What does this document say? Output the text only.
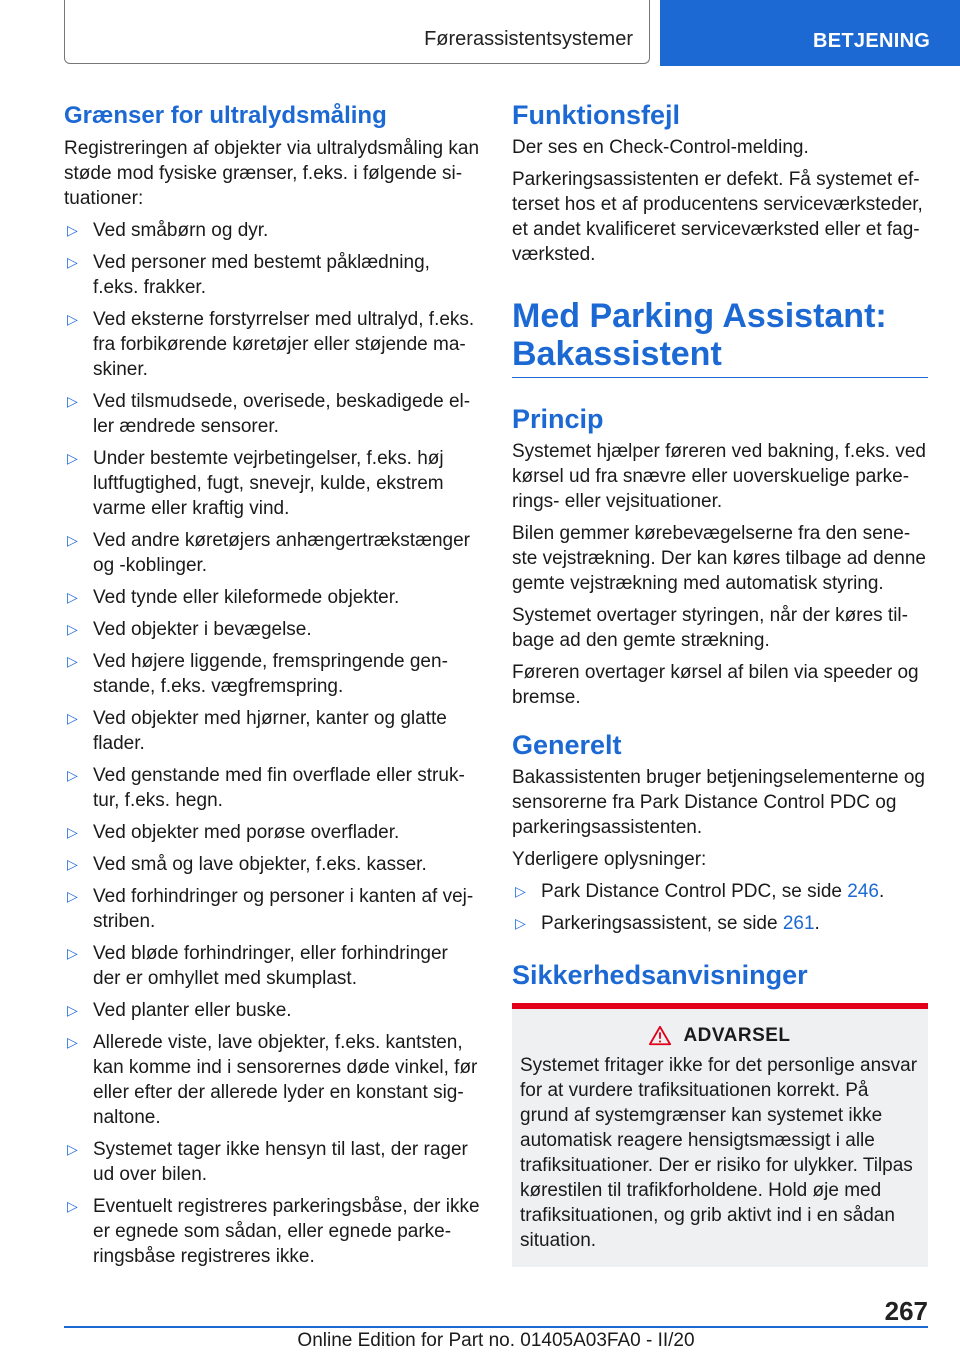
Førerassistentsystemer	BETJENING
Grænser for ultralydsmåling

Registreringen af objekter via ultralydsmåling kan støde mod fysiske grænser, f.eks. i følgende situationer:

▷ Ved småbørn og dyr.
▷ Ved personer med bestemt påklædning, f.eks. frakker.
▷ Ved eksterne forstyrrelser med ultralyd, f.eks. fra forbikørende køretøjer eller støjende maskiner.
▷ Ved tilsmudsede, overisede, beskadigede eller ændrede sensorer.
▷ Under bestemte vejrbetingelser, f.eks. høj luftfugtighed, fugt, snevejr, kulde, ekstrem varme eller kraftig vind.
▷ Ved andre køretøjers anhængertrækstænger og -koblinger.
▷ Ved tynde eller kileformede objekter.
▷ Ved objekter i bevægelse.
▷ Ved højere liggende, fremspringende genstande, f.eks. vægfremspring.
▷ Ved objekter med hjørner, kanter og glatte flader.
▷ Ved genstande med fin overflade eller struktur, f.eks. hegn.
▷ Ved objekter med porøse overflader.
▷ Ved små og lave objekter, f.eks. kasser.
▷ Ved forhindringer og personer i kanten af vejstriben.
▷ Ved bløde forhindringer, eller forhindringer der er omhyllet med skumplast.
▷ Ved planter eller buske.
▷ Allerede viste, lave objekter, f.eks. kantsten, kan komme ind i sensorernes døde vinkel, før eller efter der allerede lyder en konstant signaltone.
▷ Systemet tager ikke hensyn til last, der rager ud over bilen.
▷ Eventuelt registreres parkeringsbåse, der ikke er egnede som sådan, eller egnede parkeringsbåse registreres ikke.
Funktionsfejl

Der ses en Check-Control-melding.

Parkeringsassistenten er defekt. Få systemet efterset hos et af producentens serviceværksteder, et andet kvalificeret serviceværksted eller et fagværksted.

Med Parking Assistant: Bakassistent
Princip

Systemet hjælper føreren ved bakning, f.eks. ved kørsel ud fra snævre eller uoverskuelige parkerings- eller vejsituationer.

Bilen gemmer kørebevægelserne fra den seneste vejstrækning. Der kan køres tilbage ad denne gemte vejstrækning med automatisk styring.

Systemet overtager styringen, når der køres tilbage ad den gemte strækning.

Føreren overtager kørsel af bilen via speeder og bremse.

Generelt

Bakassistenten bruger betjeningselementerne og sensorerne fra Park Distance Control PDC og parkeringsassistenten.

Yderligere oplysninger:

▷ Park Distance Control PDC, se side 246.
▷ Parkeringsassistent, se side 261.
Sikkerhedsanvisninger
ADVARSEL

Systemet fritager ikke for det personlige ansvar for at vurdere trafiksituationen korrekt. På grund af systemgrænser kan systemet ikke automatisk reagere hensigtsmæssigt i alle trafiksituationer. Der er risiko for ulykker. Tilpas kørestilen til trafikforholdene. Hold øje med trafiksituationen, og grib aktivt ind i en sådan situation.

267
Online Edition for Part no. 01405A03FA0 - II/20
